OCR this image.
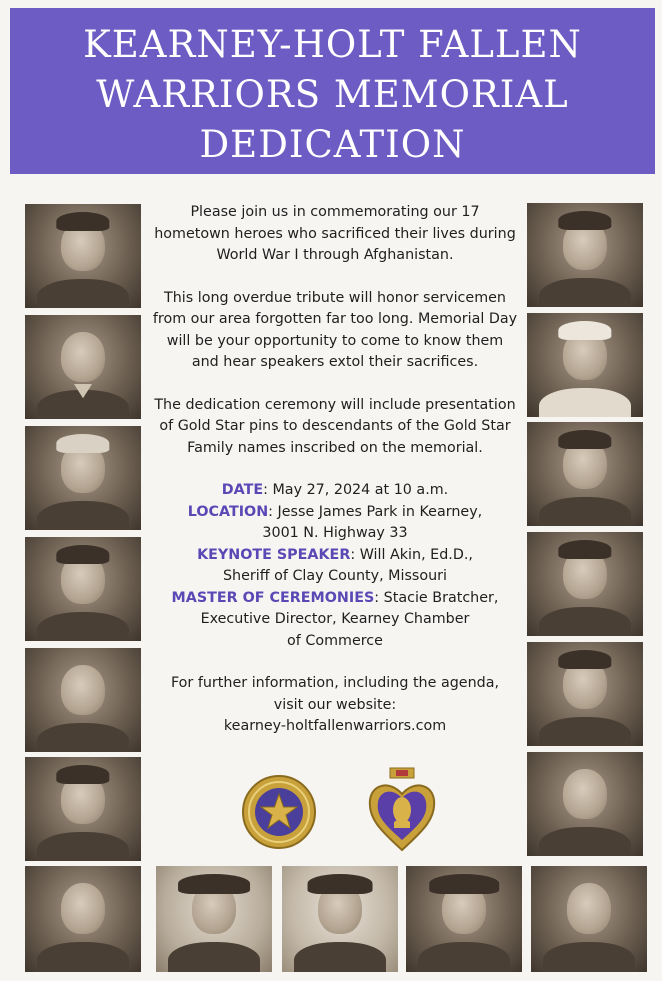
KEARNEY-HOLT FALLEN
WARRIORS MEMORIAL
DEDICATION

Please join us in commemorating our 17 hometown heroes who sacrificed their lives during World War I through Afghanistan.

This long overdue tribute will honor servicemen from our area forgotten far too long. Memorial Day will be your opportunity to come to know them and hear speakers extol their sacrifices.

The dedication ceremony will include presentation of Gold Star pins to descendants of the Gold Star Family names inscribed on the memorial.

DATE: May 27, 2024 at 10 a.m.
LOCATION: Jesse James Park in Kearney,
3001 N. Highway 33
KEYNOTE SPEAKER: Will Akin, Ed.D.,
Sheriff of Clay County, Missouri
MASTER OF CEREMONIES: Stacie Bratcher,
Executive Director, Kearney Chamber
of Commerce
For further information, including the agenda,
visit our website:
kearney-holtfallenwarriors.com
